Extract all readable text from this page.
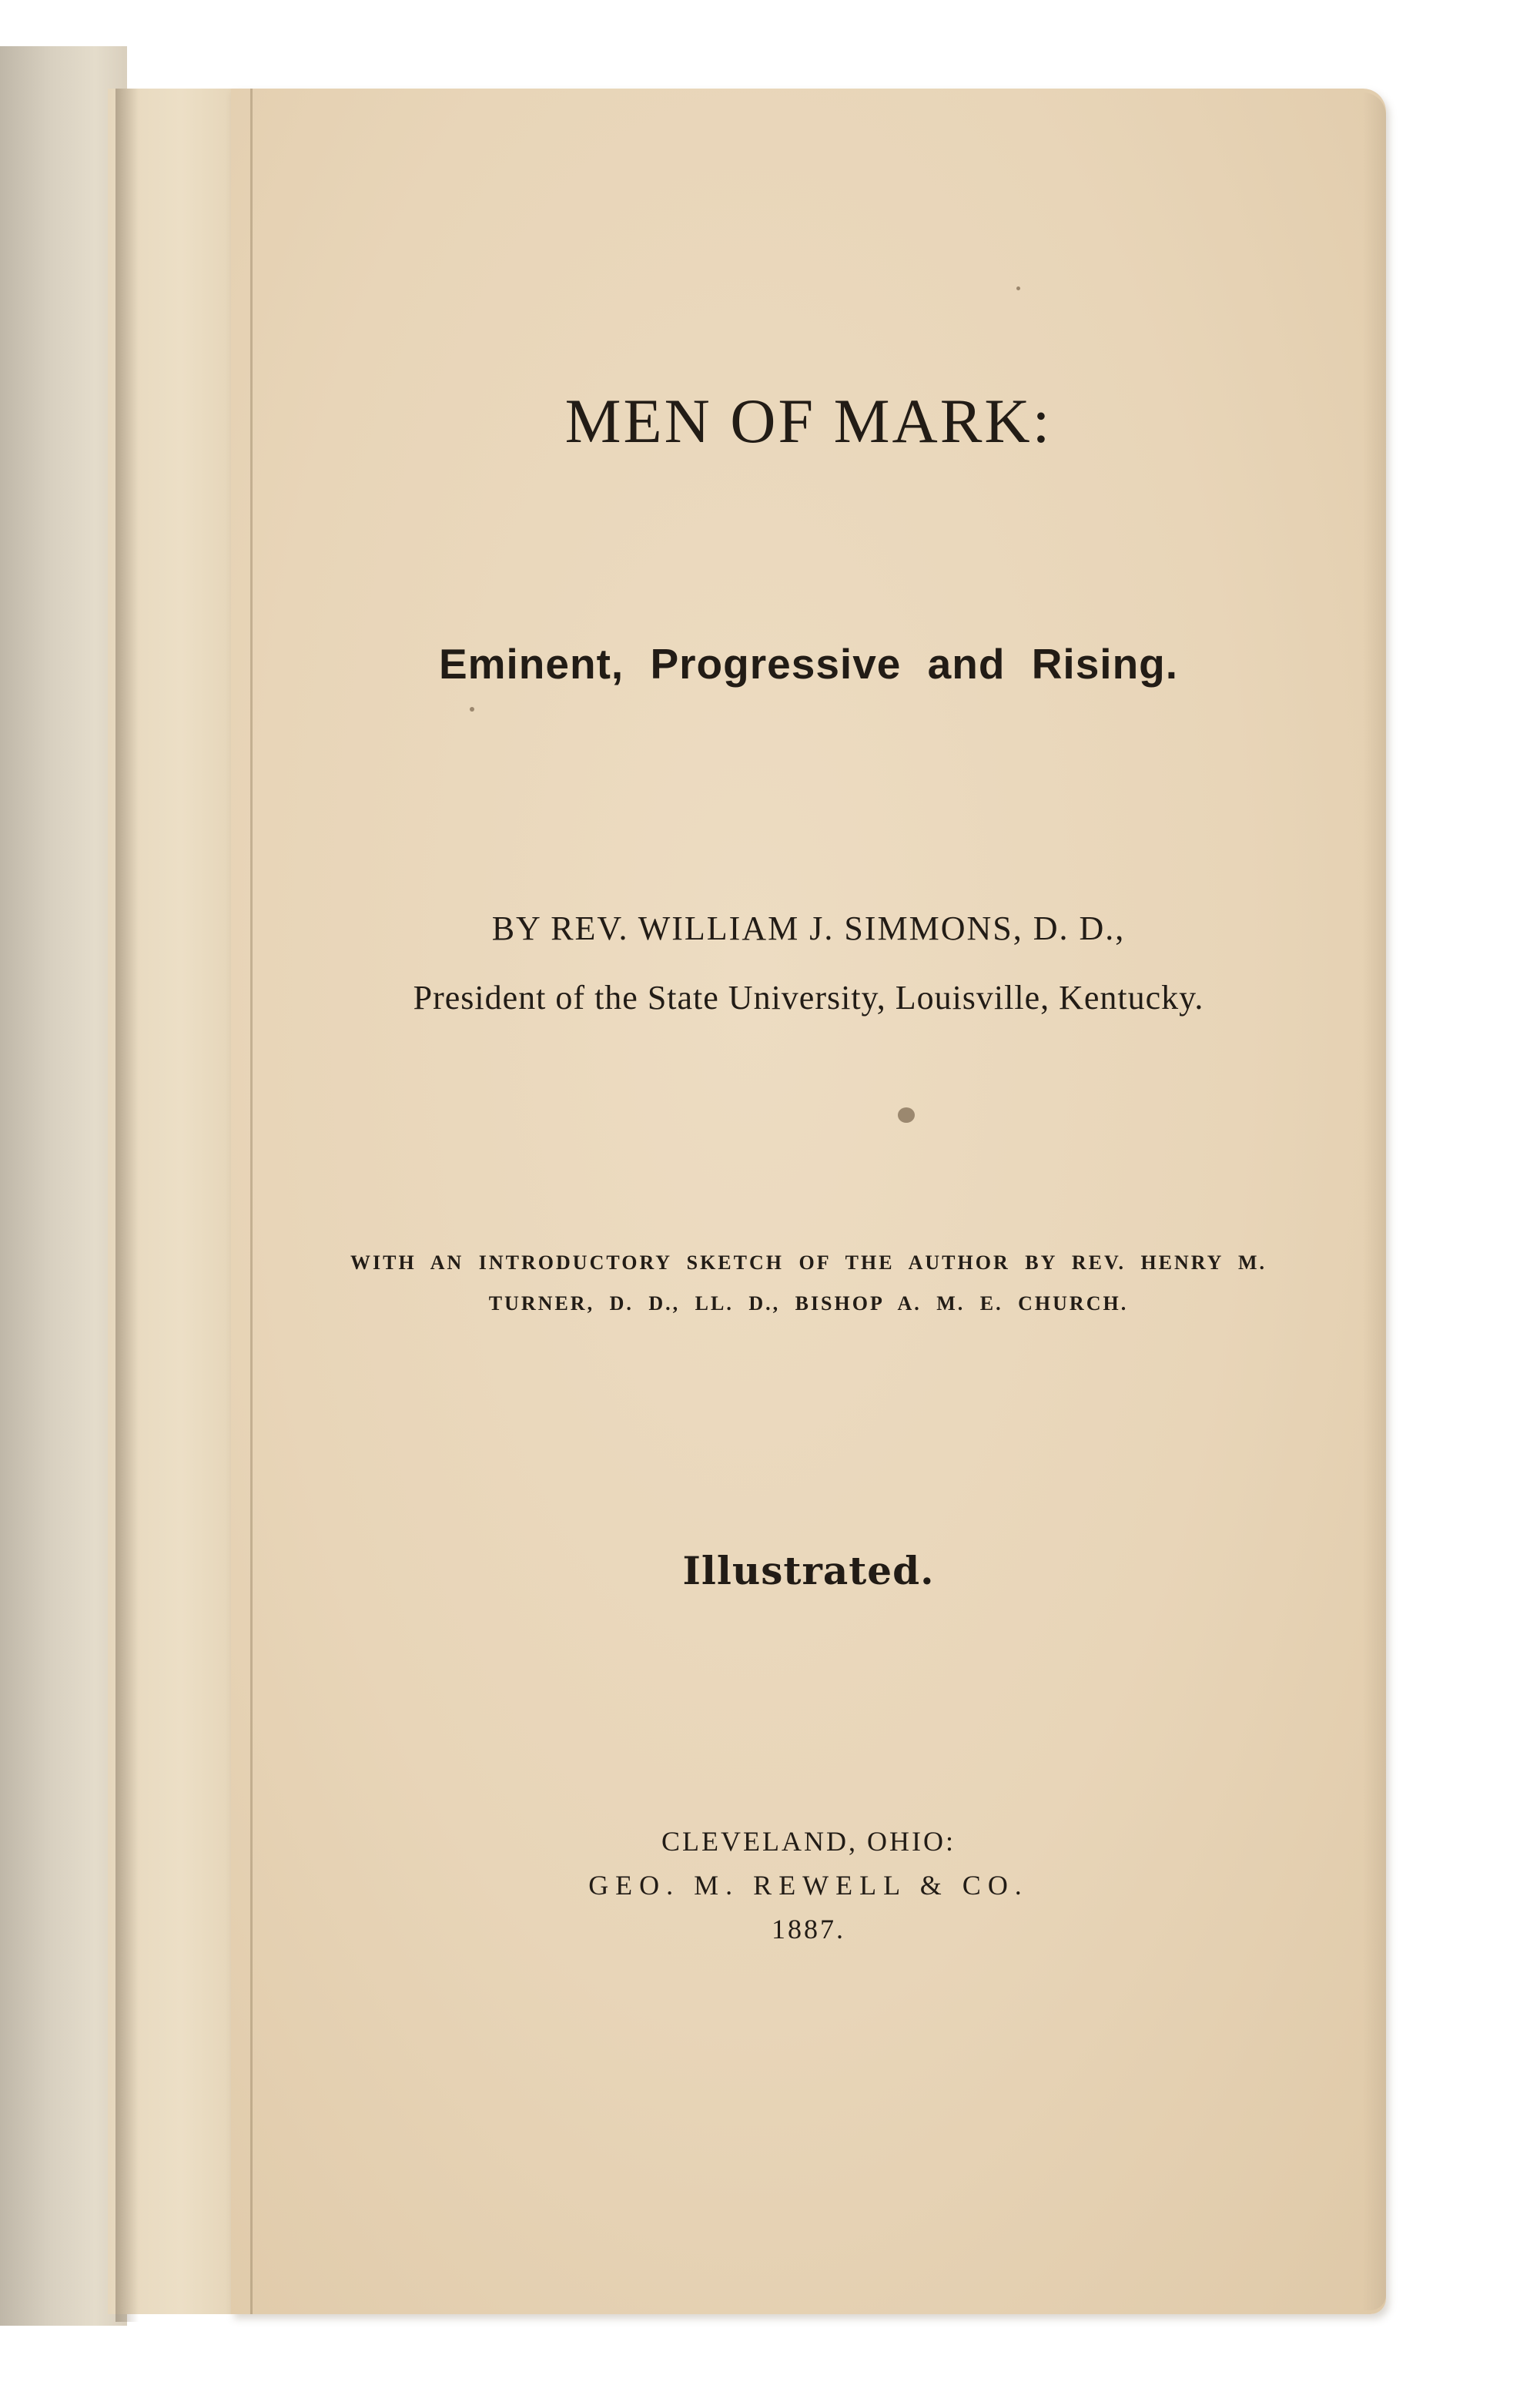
MEN OF MARK:
Eminent, Progressive and Rising.
BY REV. WILLIAM J. SIMMONS, D. D.,
President of the State University, Louisville, Kentucky.
WITH AN INTRODUCTORY SKETCH OF THE AUTHOR BY REV. HENRY M.
TURNER, D. D., LL. D., BISHOP A. M. E. CHURCH.
Illustrated.
CLEVELAND, OHIO:
GEO. M. REWELL & CO.
1887.
